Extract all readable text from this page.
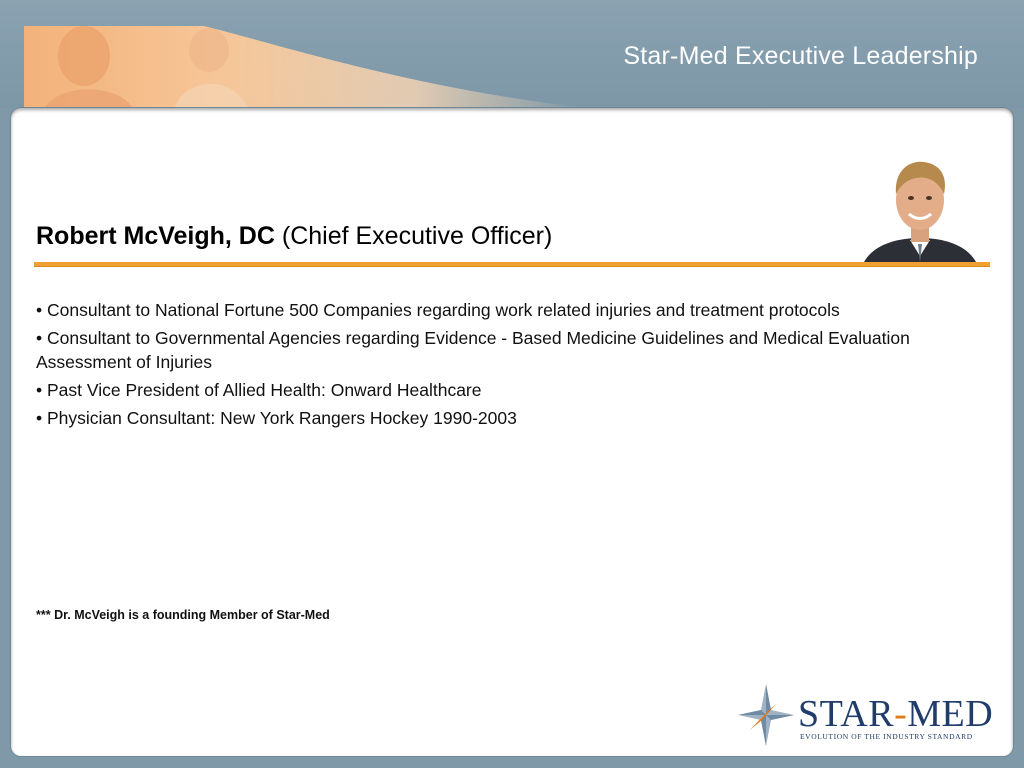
Star-Med Executive Leadership
Robert McVeigh, DC (Chief Executive Officer)
• Consultant to National Fortune 500 Companies regarding work related injuries and treatment protocols
• Consultant to Governmental Agencies regarding Evidence - Based Medicine Guidelines and Medical Evaluation Assessment of Injuries
• Past Vice President of Allied Health: Onward Healthcare
• Physician Consultant: New York Rangers Hockey 1990-2003
*** Dr. McVeigh is a founding Member of Star-Med
STAR-MED
EVOLUTION OF THE INDUSTRY STANDARD
